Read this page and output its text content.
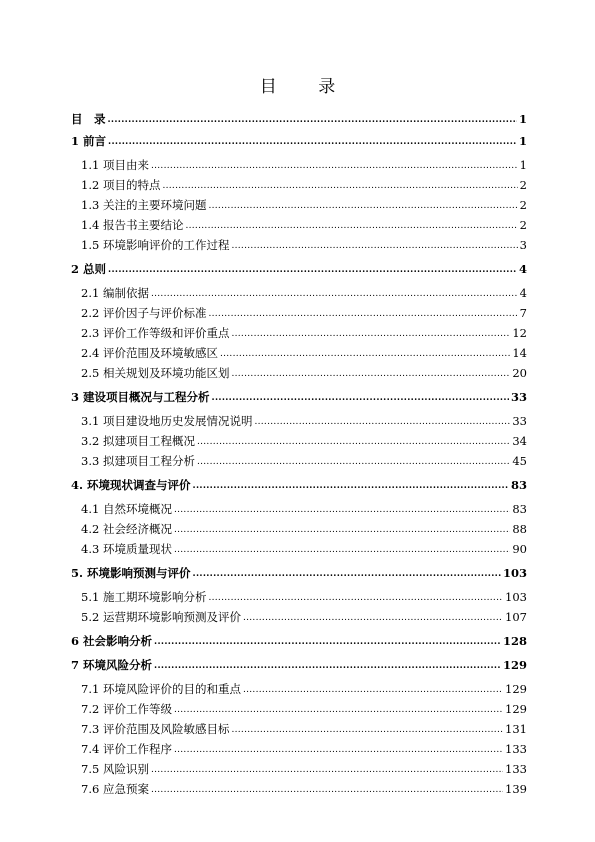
目 录
目　录 .....	1
1 前言 .....	1
1.1 项目由来 .....	1
1.2 项目的特点 .....	2
1.3 关注的主要环境问题 .....	2
1.4 报告书主要结论 .....	2
1.5 环境影响评价的工作过程 .....	3
2 总则 .....	4
2.1 编制依据 .....	4
2.2 评价因子与评价标准 .....	7
2.3 评价工作等级和评价重点 .....	12
2.4 评价范围及环境敏感区 .....	14
2.5 相关规划及环境功能区划 .....	20
3 建设项目概况与工程分析 .....	33
3.1 项目建设地历史发展情况说明 .....	33
3.2 拟建项目工程概况 .....	34
3.3 拟建项目工程分析 .....	45
4. 环境现状调查与评价 .....	83
4.1 自然环境概况 .....	83
4.2 社会经济概况 .....	88
4.3 环境质量现状 .....	90
5. 环境影响预测与评价 .....	103
5.1 施工期环境影响分析 .....	103
5.2 运营期环境影响预测及评价 .....	107
6 社会影响分析 .....	128
7 环境风险分析 .....	129
7.1 环境风险评价的目的和重点 .....	129
7.2 评价工作等级 .....	129
7.3 评价范围及风险敏感目标 .....	131
7.4 评价工作程序 .....	133
7.5 风险识别 .....	133
7.6 应急预案 .....	139
